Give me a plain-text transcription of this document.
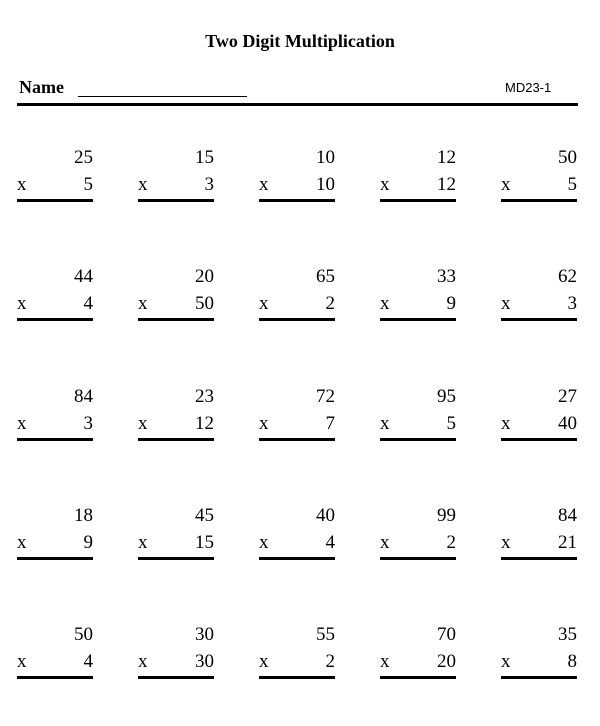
Two Digit Multiplication
Name	MD23-1
25
x	5
15
x	3
10
x	10
12
x	12
50
x	5
44
x	4
20
x	50
65
x	2
33
x	9
62
x	3
84
x	3
23
x	12
72
x	7
95
x	5
27
x	40
18
x	9
45
x	15
40
x	4
99
x	2
84
x	21
50
x	4
30
x	30
55
x	2
70
x	20
35
x	8
